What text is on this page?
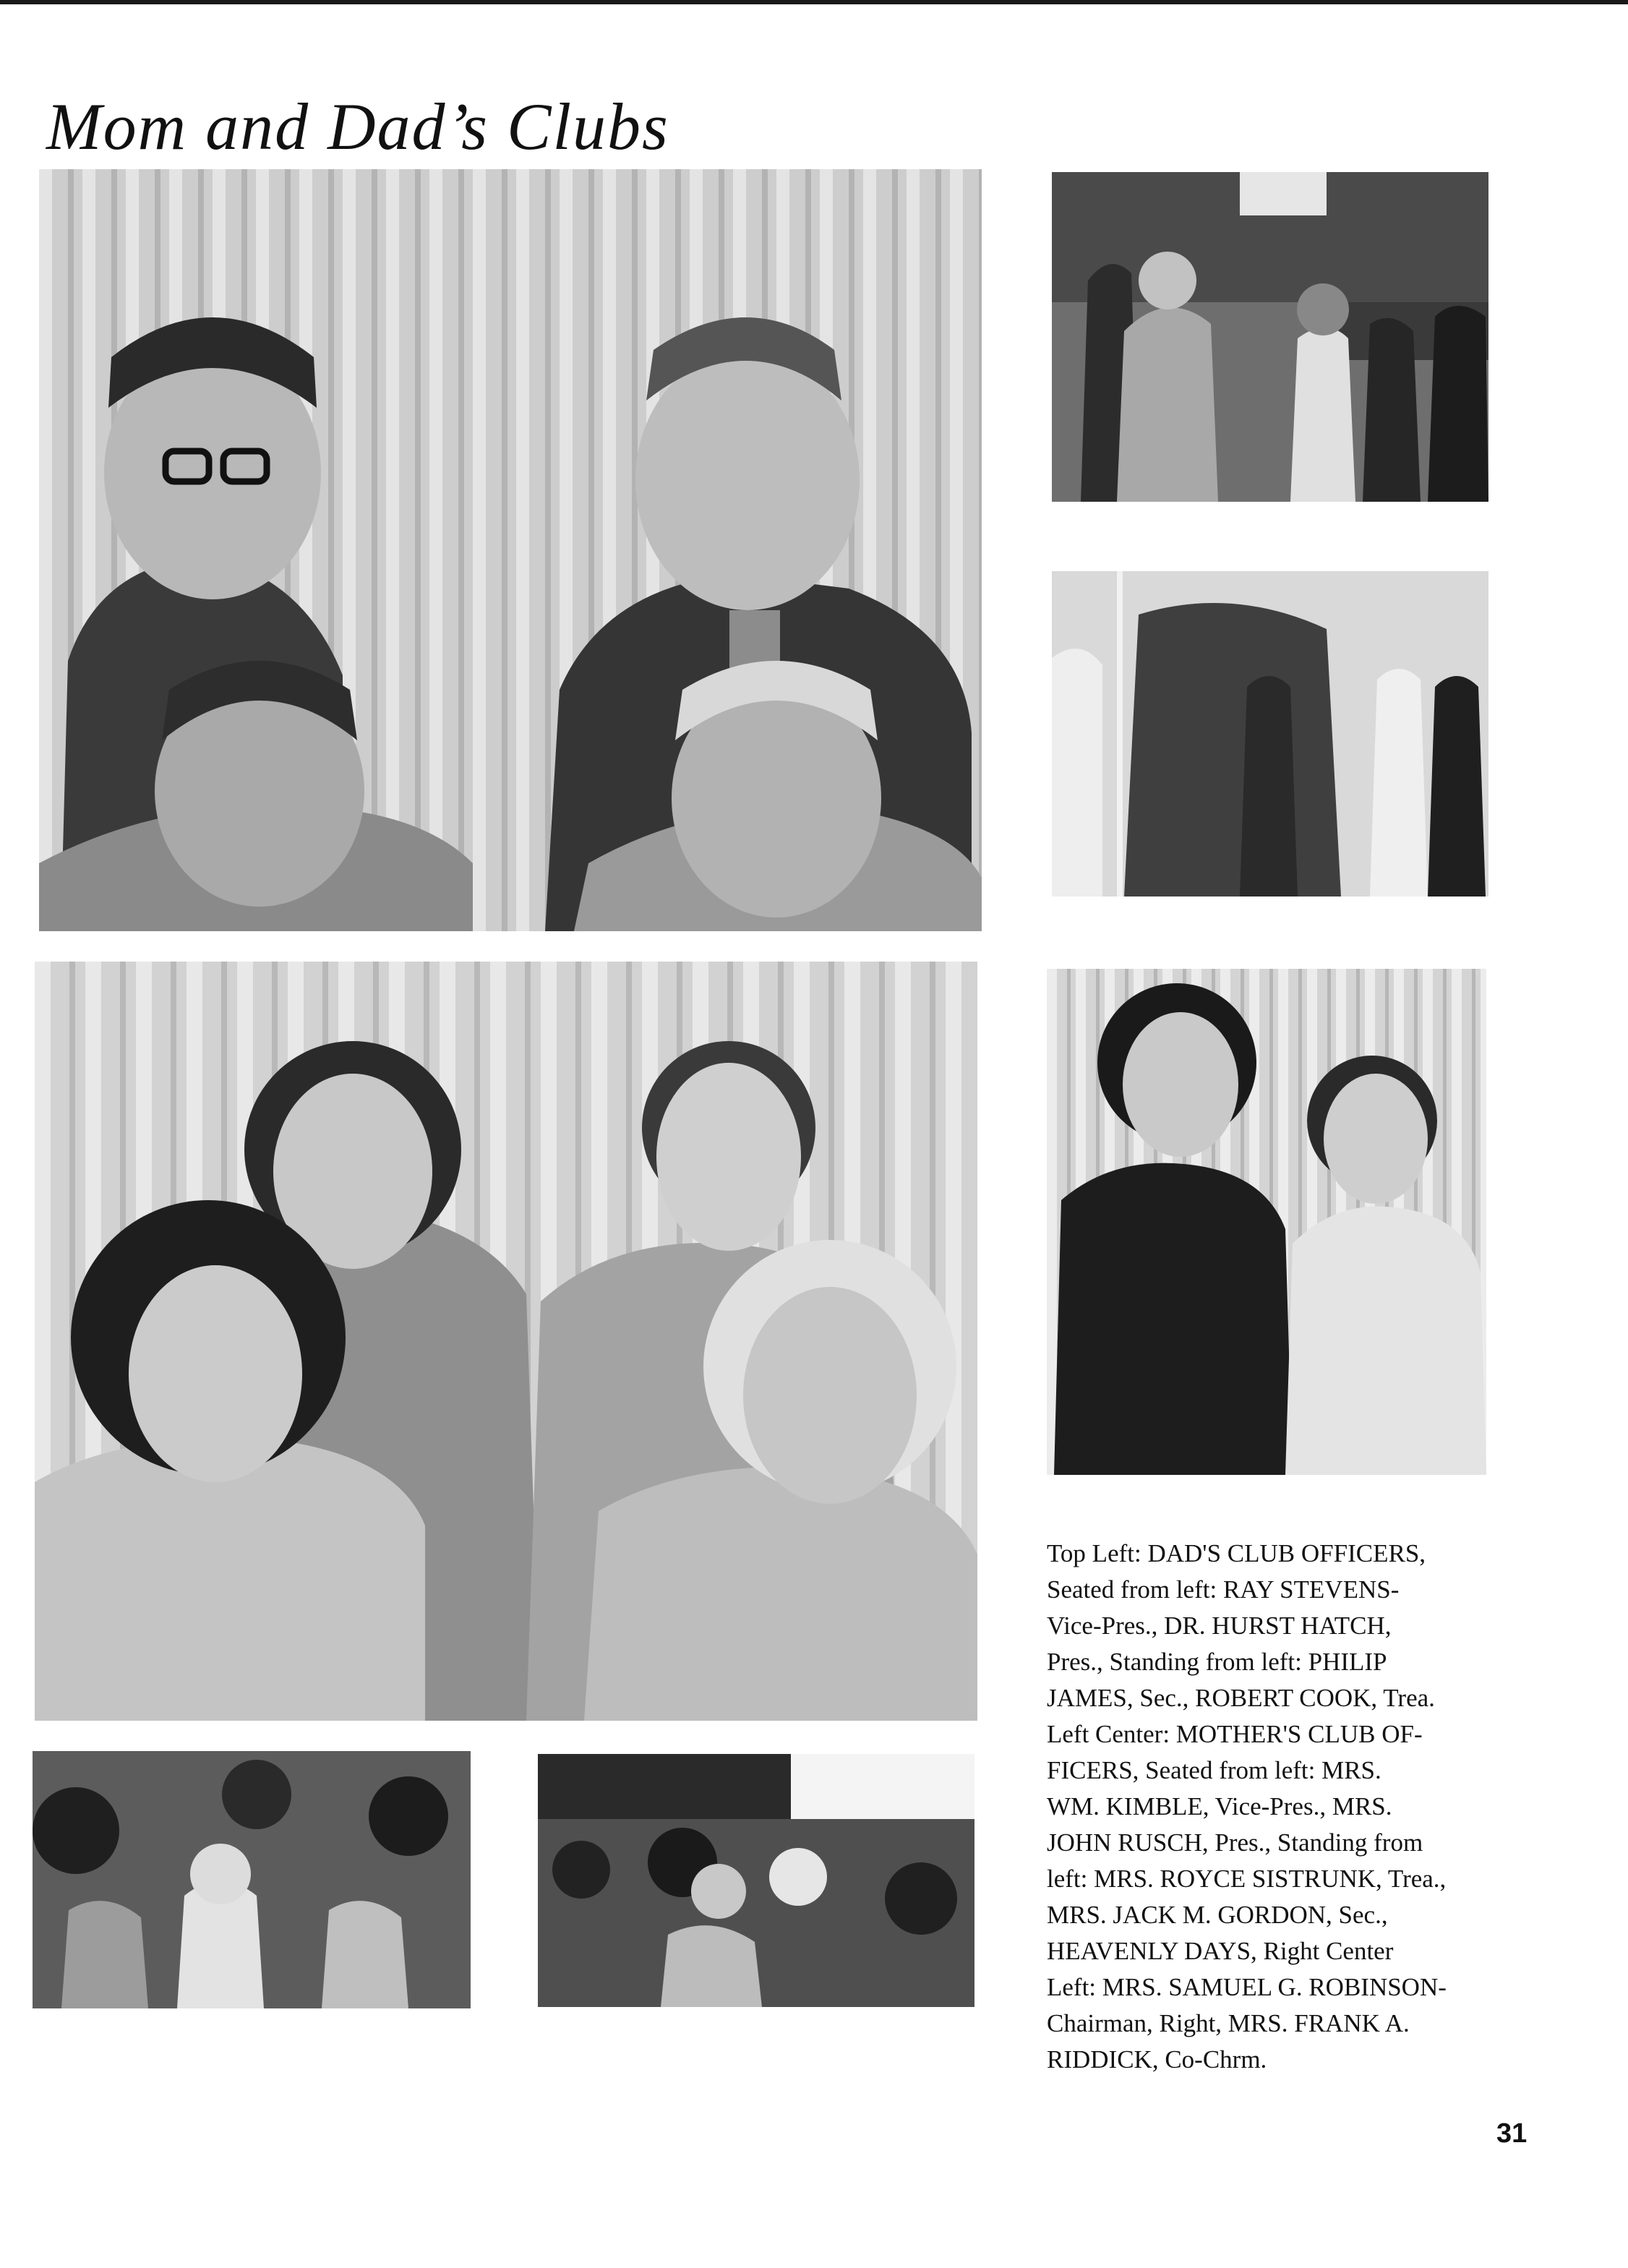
Mom and Dad’s Clubs

Top Left: DAD'S CLUB OFFICERS,

Seated from left: RAY STEVENS-

Vice-Pres., DR. HURST HATCH,

Pres., Standing from left: PHILIP

JAMES, Sec., ROBERT COOK, Trea.

Left Center: MOTHER'S CLUB OF-

FICERS, Seated from left: MRS.

WM. KIMBLE, Vice-Pres., MRS.

JOHN RUSCH, Pres., Standing from

left: MRS. ROYCE SISTRUNK, Trea.,

MRS. JACK M. GORDON, Sec.,

HEAVENLY DAYS, Right Center

Left: MRS. SAMUEL G. ROBINSON-

Chairman, Right, MRS. FRANK A.

RIDDICK, Co-Chrm.

31
